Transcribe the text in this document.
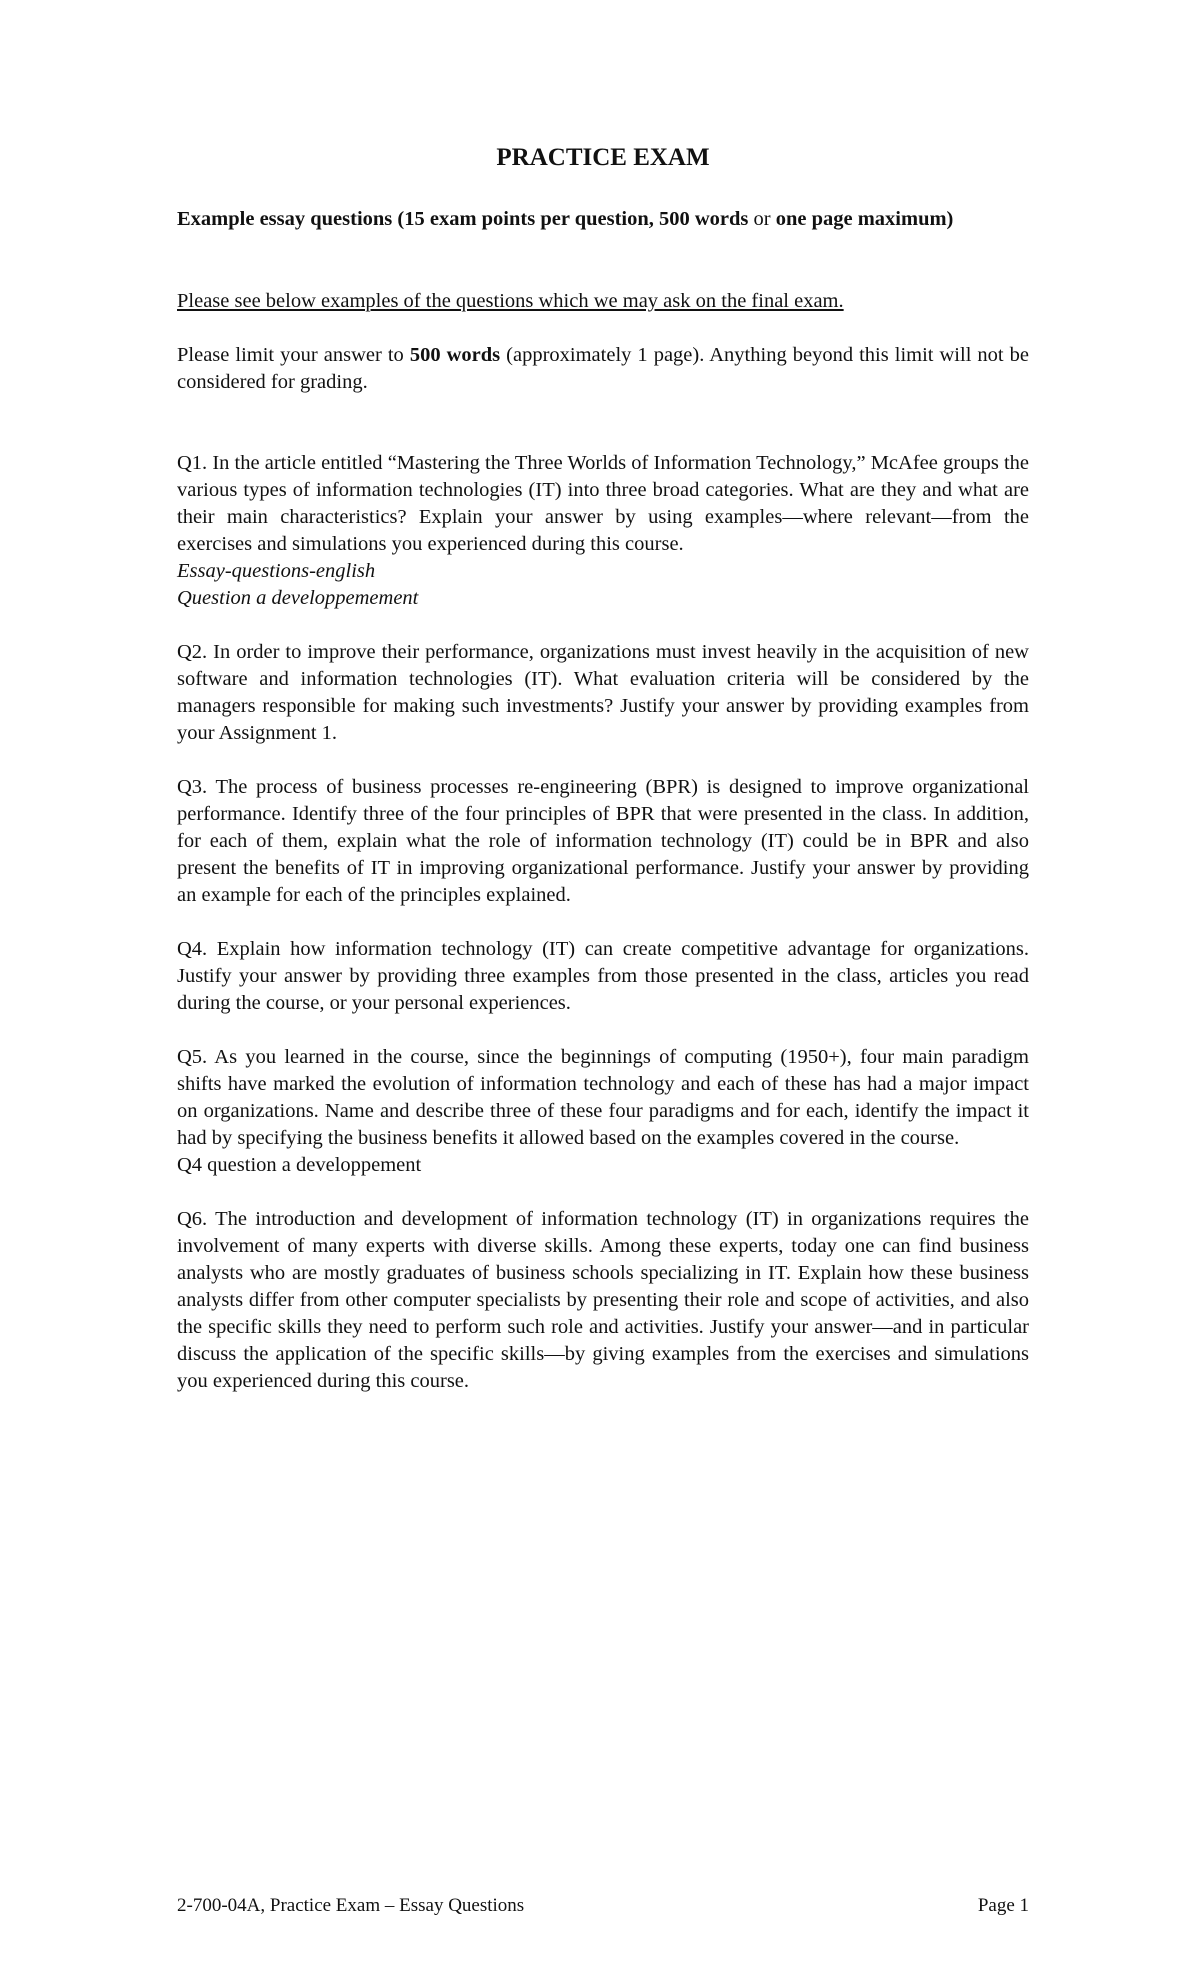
PRACTICE EXAM

Example essay questions (15 exam points per question, 500 words or one page maximum)

Please see below examples of the questions which we may ask on the final exam.

Please limit your answer to 500 words (approximately 1 page). Anything beyond this limit will not be considered for grading.

Q1. In the article entitled “Mastering the Three Worlds of Information Technology,” McAfee groups the various types of information technologies (IT) into three broad categories. What are they and what are their main characteristics? Explain your answer by using examples—where relevant—from the exercises and simulations you experienced during this course.
Essay-questions-english
Question a developpemement

Q2. In order to improve their performance, organizations must invest heavily in the acquisition of new software and information technologies (IT). What evaluation criteria will be considered by the managers responsible for making such investments? Justify your answer by providing examples from your Assignment 1.

Q3. The process of business processes re-engineering (BPR) is designed to improve organizational performance. Identify three of the four principles of BPR that were presented in the class. In addition, for each of them, explain what the role of information technology (IT) could be in BPR and also present the benefits of IT in improving organizational performance. Justify your answer by providing an example for each of the principles explained.

Q4. Explain how information technology (IT) can create competitive advantage for organizations. Justify your answer by providing three examples from those presented in the class, articles you read during the course, or your personal experiences.

Q5. As you learned in the course, since the beginnings of computing (1950+), four main paradigm shifts have marked the evolution of information technology and each of these has had a major impact on organizations. Name and describe three of these four paradigms and for each, identify the impact it had by specifying the business benefits it allowed based on the examples covered in the course.
Q4 question a developpement

Q6. The introduction and development of information technology (IT) in organizations requires the involvement of many experts with diverse skills. Among these experts, today one can find business analysts who are mostly graduates of business schools specializing in IT. Explain how these business analysts differ from other computer specialists by presenting their role and scope of activities, and also the specific skills they need to perform such role and activities. Justify your answer—and in particular discuss the application of the specific skills—by giving examples from the exercises and simulations you experienced during this course.

2-700-04A, Practice Exam – Essay Questions	Page 1
